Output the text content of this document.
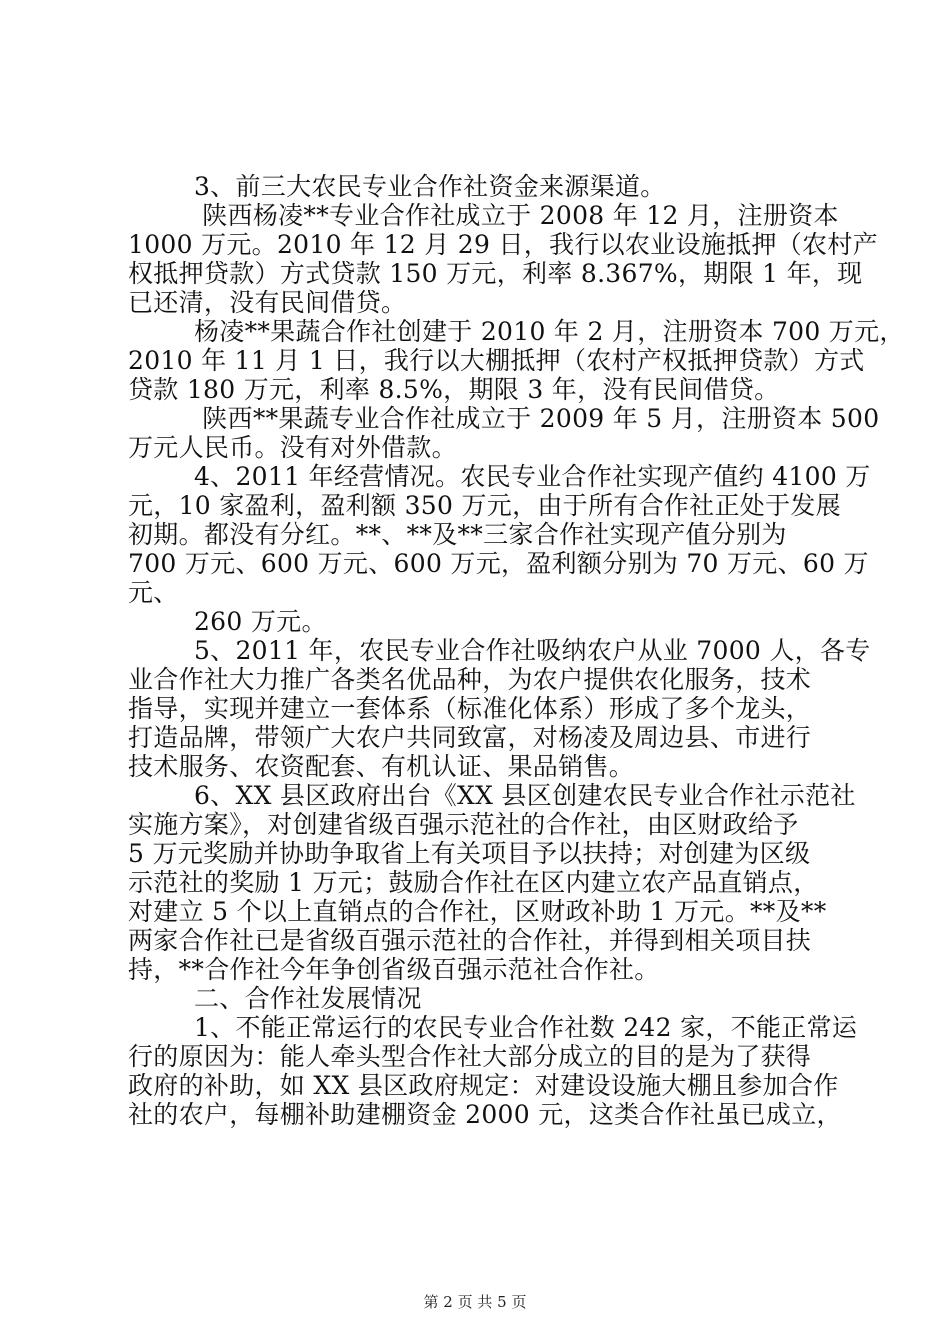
3、前三大农民专业合作社资金来源渠道。
陕西杨凌**专业合作社成立于 2008 年 12 月，注册资本
1000 万元。2010 年 12 月 29 日，我行以农业设施抵押（农村产
权抵押贷款）方式贷款 150 万元，利率 8.367%，期限 1 年，现
已还清，没有民间借贷。
杨凌**果蔬合作社创建于 2010 年 2 月，注册资本 700 万元，
2010 年 11 月 1 日，我行以大棚抵押（农村产权抵押贷款）方式
贷款 180 万元，利率 8.5%，期限 3 年，没有民间借贷。
陕西**果蔬专业合作社成立于 2009 年 5 月，注册资本 500
万元人民币。没有对外借款。
4、2011 年经营情况。农民专业合作社实现产值约 4100 万
元，10 家盈利，盈利额 350 万元，由于所有合作社正处于发展
初期。都没有分红。**、**及**三家合作社实现产值分别为
700 万元、600 万元、600 万元，盈利额分别为 70 万元、60 万
元、
260 万元。
5、2011 年，农民专业合作社吸纳农户从业 7000 人，各专
业合作社大力推广各类名优品种，为农户提供农化服务，技术
指导，实现并建立一套体系（标准化体系）形成了多个龙头，
打造品牌，带领广大农户共同致富，对杨凌及周边县、市进行
技术服务、农资配套、有机认证、果品销售。
6、XX 县区政府出台《XX 县区创建农民专业合作社示范社
实施方案》，对创建省级百强示范社的合作社，由区财政给予
5 万元奖励并协助争取省上有关项目予以扶持；对创建为区级
示范社的奖励 1 万元；鼓励合作社在区内建立农产品直销点，
对建立 5 个以上直销点的合作社，区财政补助 1 万元。**及**
两家合作社已是省级百强示范社的合作社，并得到相关项目扶
持，**合作社今年争创省级百强示范社合作社。
二、合作社发展情况
1、不能正常运行的农民专业合作社数 242 家，不能正常运
行的原因为：能人牵头型合作社大部分成立的目的是为了获得
政府的补助，如 XX 县区政府规定：对建设设施大棚且参加合作
社的农户，每棚补助建棚资金 2000 元，这类合作社虽已成立，
第 2 页 共 5 页
